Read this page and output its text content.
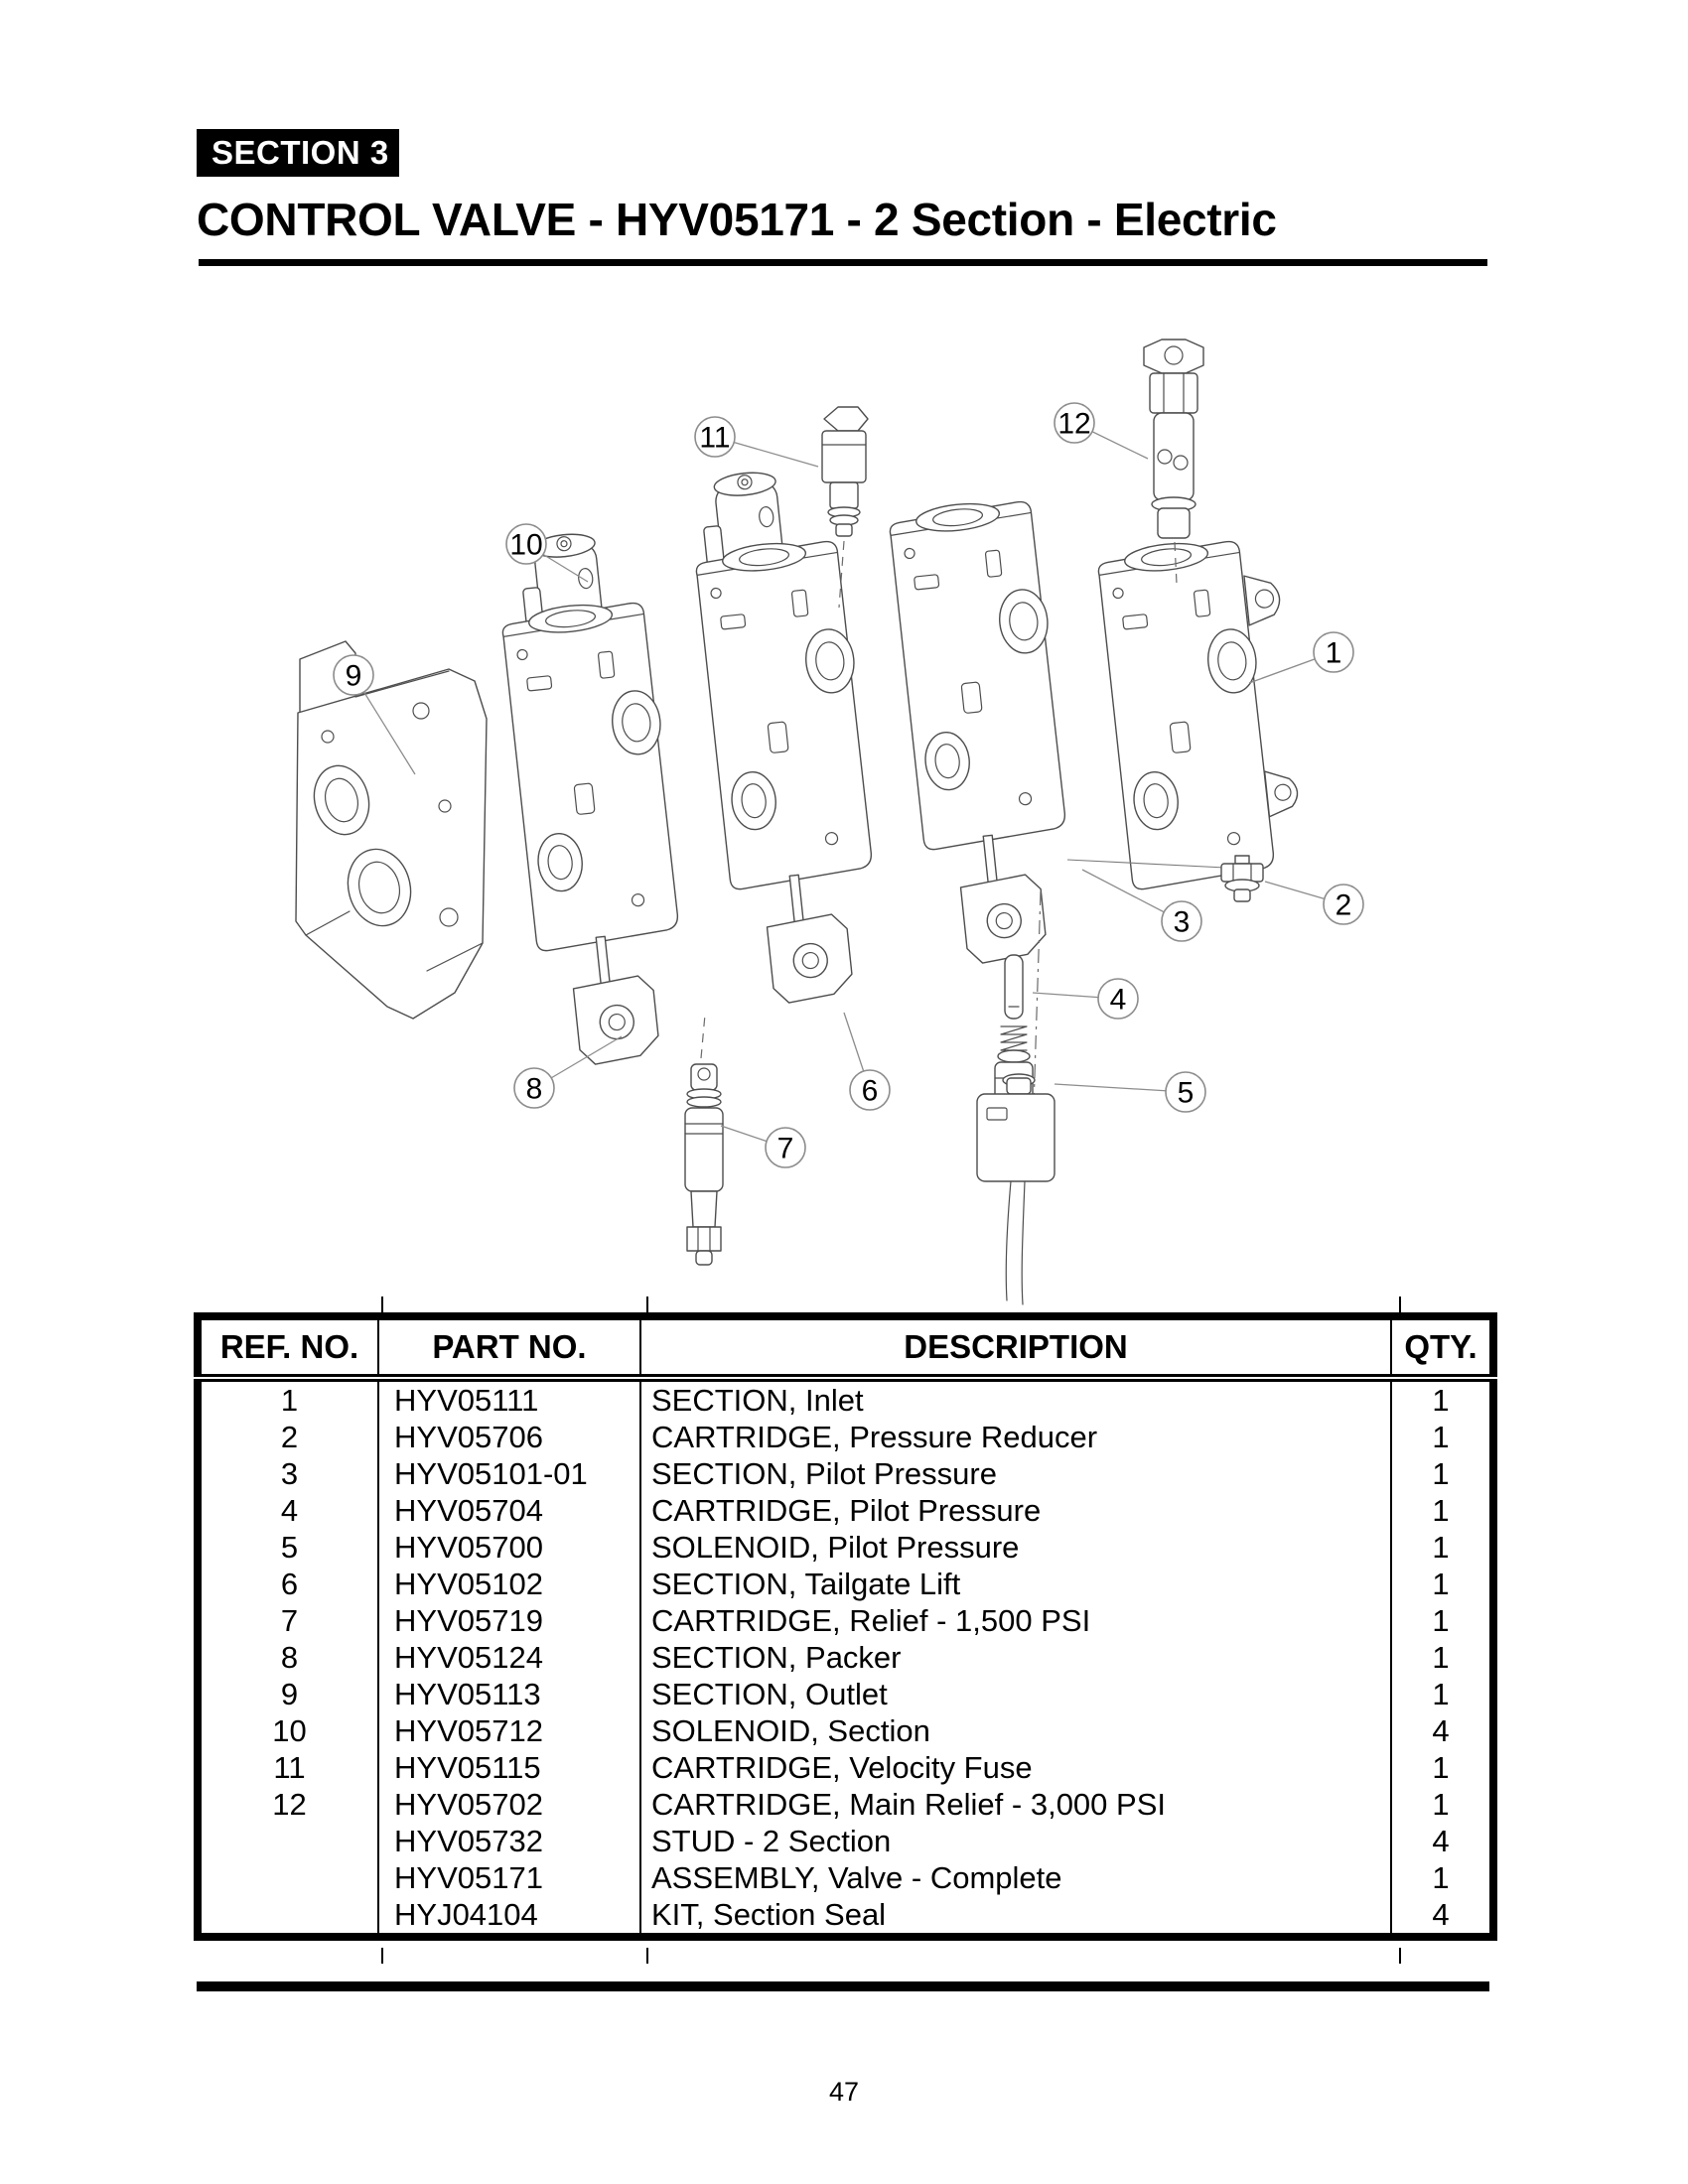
SECTION 3
CONTROL VALVE - HYV05171 - 2 Section - Electric
1
2
3
4
5
6
7
8
9
10
11	12
REF. NO.	PART NO.	DESCRIPTION	QTY.
1	HYV05111	SECTION, Inlet	1
2	HYV05706	CARTRIDGE, Pressure Reducer	1
3	HYV05101-01	SECTION, Pilot Pressure	1
4	HYV05704	CARTRIDGE, Pilot Pressure	1
5	HYV05700	SOLENOID, Pilot Pressure	1
6	HYV05102	SECTION, Tailgate Lift	1
7	HYV05719	CARTRIDGE, Relief - 1,500 PSI	1
8	HYV05124	SECTION, Packer	1
9	HYV05113	SECTION, Outlet	1
10	HYV05712	SOLENOID, Section	4
11	HYV05115	CARTRIDGE, Velocity Fuse	1
12	HYV05702	CARTRIDGE, Main Relief - 3,000 PSI	1
	HYV05732	STUD - 2 Section	4
	HYV05171	ASSEMBLY, Valve - Complete	1
	HYJ04104	KIT, Section Seal	4
47
